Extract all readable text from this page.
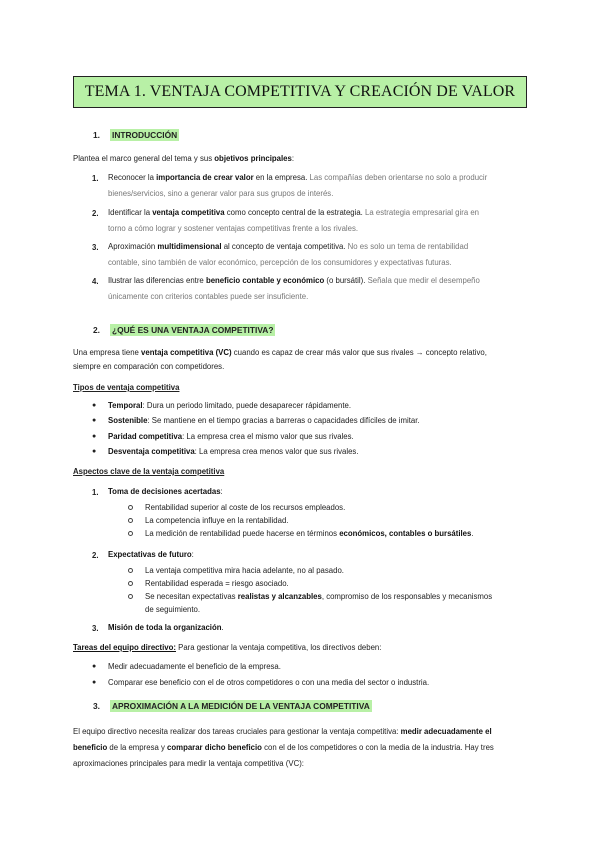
TEMA 1. VENTAJA COMPETITIVA Y CREACIÓN DE VALOR
1. INTRODUCCIÓN
Plantea el marco general del tema y sus objetivos principales:
1. Reconocer la importancia de crear valor en la empresa. Las compañías deben orientarse no solo a producir
bienes/servicios, sino a generar valor para sus grupos de interés.
2. Identificar la ventaja competitiva como concepto central de la estrategia. La estrategia empresarial gira en
torno a cómo lograr y sostener ventajas competitivas frente a los rivales.
3. Aproximación multidimensional al concepto de ventaja competitiva. No es solo un tema de rentabilidad
contable, sino también de valor económico, percepción de los consumidores y expectativas futuras.
4. Ilustrar las diferencias entre beneficio contable y económico (o bursátil). Señala que medir el desempeño
únicamente con criterios contables puede ser insuficiente.
2. ¿QUÉ ES UNA VENTAJA COMPETITIVA?
Una empresa tiene ventaja competitiva (VC) cuando es capaz de crear más valor que sus rivales → concepto relativo,
siempre en comparación con competidores.
Tipos de ventaja competitiva
● Temporal: Dura un periodo limitado, puede desaparecer rápidamente.
● Sostenible: Se mantiene en el tiempo gracias a barreras o capacidades difíciles de imitar.
● Paridad competitiva: La empresa crea el mismo valor que sus rivales.
● Desventaja competitiva: La empresa crea menos valor que sus rivales.
Aspectos clave de la ventaja competitiva
1. Toma de decisiones acertadas:
Rentabilidad superior al coste de los recursos empleados.
La competencia influye en la rentabilidad.
La medición de rentabilidad puede hacerse en términos económicos, contables o bursátiles.
2. Expectativas de futuro:
La ventaja competitiva mira hacia adelante, no al pasado.
Rentabilidad esperada = riesgo asociado.
Se necesitan expectativas realistas y alcanzables, compromiso de los responsables y mecanismos
de seguimiento.
3. Misión de toda la organización.
Tareas del equipo directivo: Para gestionar la ventaja competitiva, los directivos deben:
● Medir adecuadamente el beneficio de la empresa.
● Comparar ese beneficio con el de otros competidores o con una media del sector o industria.
3. APROXIMACIÓN A LA MEDICIÓN DE LA VENTAJA COMPETITIVA
El equipo directivo necesita realizar dos tareas cruciales para gestionar la ventaja competitiva: medir adecuadamente el
beneficio de la empresa y comparar dicho beneficio con el de los competidores o con la media de la industria. Hay tres
aproximaciones principales para medir la ventaja competitiva (VC):
